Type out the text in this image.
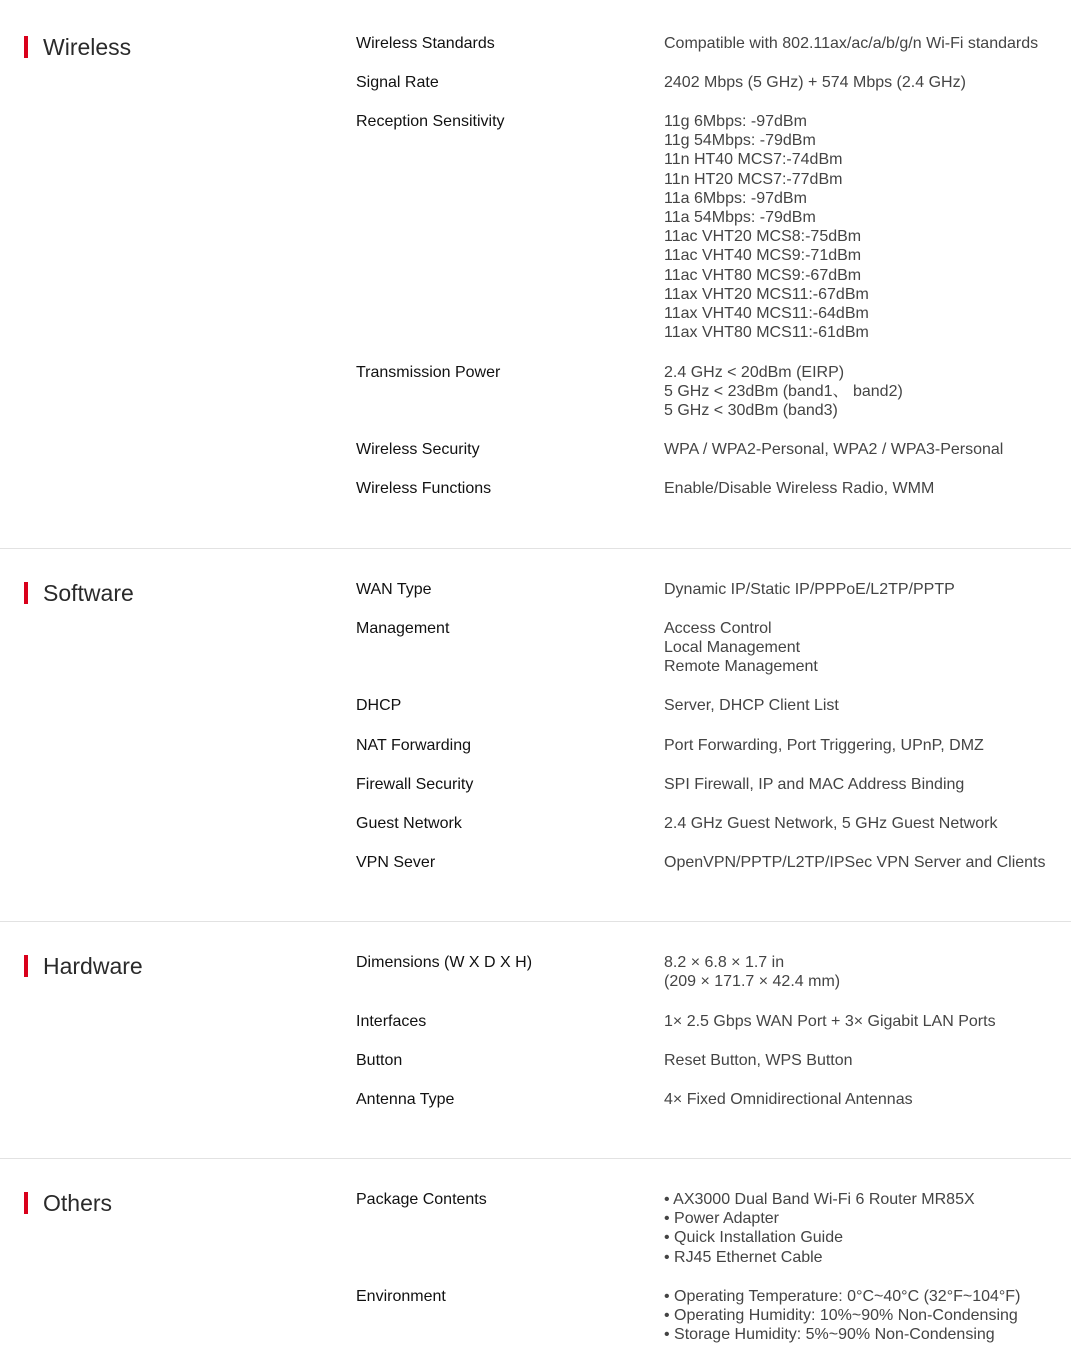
Wireless	Wireless Standards	Compatible with 802.11ax/ac/a/b/g/n Wi-Fi standards
Signal Rate	2402 Mbps (5 GHz) + 574 Mbps (2.4 GHz)
Reception Sensitivity	11g 6Mbps: -97dBm
11g 54Mbps: -79dBm
11n HT40 MCS7:-74dBm
11n HT20 MCS7:-77dBm
11a 6Mbps: -97dBm
11a 54Mbps: -79dBm
11ac VHT20 MCS8:-75dBm
11ac VHT40 MCS9:-71dBm
11ac VHT80 MCS9:-67dBm
11ax VHT20 MCS11:-67dBm
11ax VHT40 MCS11:-64dBm
11ax VHT80 MCS11:-61dBm
Transmission Power	2.4 GHz < 20dBm (EIRP)
5 GHz < 23dBm (band1、 band2)
5 GHz < 30dBm (band3)
Wireless Security	WPA / WPA2-Personal, WPA2 / WPA3-Personal
Wireless Functions	Enable/Disable Wireless Radio, WMM
Software	WAN Type	Dynamic IP/Static IP/PPPoE/L2TP/PPTP
Management	Access Control
Local Management
Remote Management
DHCP	Server, DHCP Client List
NAT Forwarding	Port Forwarding, Port Triggering, UPnP, DMZ
Firewall Security	SPI Firewall, IP and MAC Address Binding
Guest Network	2.4 GHz Guest Network, 5 GHz Guest Network
VPN Sever	OpenVPN/PPTP/L2TP/IPSec VPN Server and Clients
Hardware	Dimensions (W X D X H)	8.2 × 6.8 × 1.7 in
(209 × 171.7 × 42.4 mm)
Interfaces	1× 2.5 Gbps WAN Port + 3× Gigabit LAN Ports
Button	Reset Button, WPS Button
Antenna Type	4× Fixed Omnidirectional Antennas
Others	Package Contents	• AX3000 Dual Band Wi-Fi 6 Router MR85X
• Power Adapter
• Quick Installation Guide
• RJ45 Ethernet Cable
Environment	• Operating Temperature: 0°C~40°C (32°F~104°F)
• Operating Humidity: 10%~90% Non-Condensing
• Storage Humidity: 5%~90% Non-Condensing
